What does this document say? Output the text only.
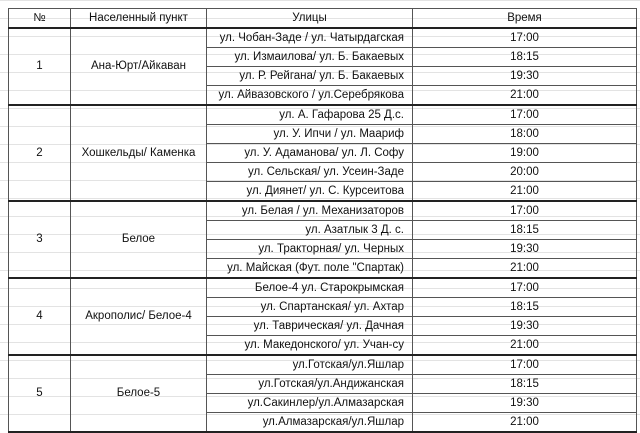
№	Населенный пункт	Улицы	Время
1	Ана-Юрт/Айкаван	ул. Чобан-Заде / ул. Чатырдагская	17:00
		ул. Измаилова/ ул. Б. Бакаевых	18:15
		ул. Р. Рейгана/ ул. Б. Бакаевых	19:30
		ул. Айвазовского / ул.Серебрякова	21:00
2	Хошкельды/ Каменка	ул. А. Гафарова 25 Д.с.	17:00
		ул. У. Ипчи / ул. Мaариф	18:00
		ул. У. Адаманова/ ул. Л. Софу	19:00
		ул. Сельская/ ул. Усеин-Заде	20:00
		ул. Диянет/ ул. С. Курсеитова	21:00
3	Белое	ул. Белая / ул. Механизаторов	17:00
		ул. Азатлык 3 Д. с.	18:15
		ул. Тракторная/ ул. Черных	19:30
		ул. Майская (Фут. поле "Спартак)	21:00
4	Акрополис/ Белое-4	Белое-4 ул. Старокрымская	17:00
		ул. Спартанская/ ул. Ахтар	18:15
		ул. Таврическая/ ул. Дачная	19:30
		ул. Македонского/ ул. Учан-су	21:00
5	Белое-5	ул.Готская/ул.Яшлар	17:00
		ул.Готская/ул.Андижанская	18:15
		ул.Сакинлер/ул.Алмазарская	19:30
		ул.Алмазарская/ул.Яшлар	21:00
